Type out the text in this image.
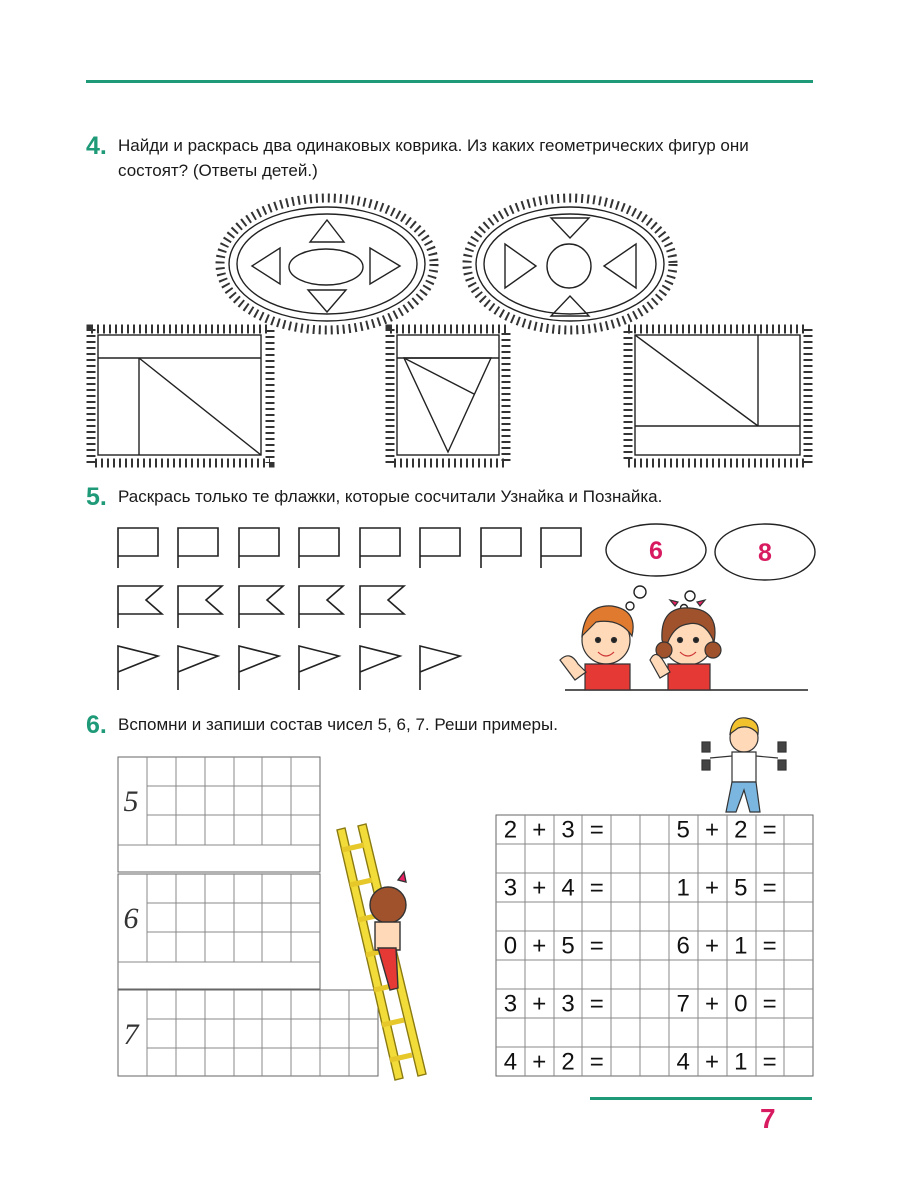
4. Найди и раскрась два одинаковых коврика. Из каких геометрических фигур они состоят? (Ответы детей.)
5. Раскрась только те флажки, которые сосчитали Узнайка и Познайка.
6. Вспомни и запиши состав чисел 5, 6, 7. Реши примеры.
6	8
5
6
7
2 + 3 =
3 + 4 =
0 + 5 =
3 + 3 =
4 + 2 =
5 + 2 =
1 + 5 =
6 + 1 =
7 + 0 =
4 + 1 =
7
